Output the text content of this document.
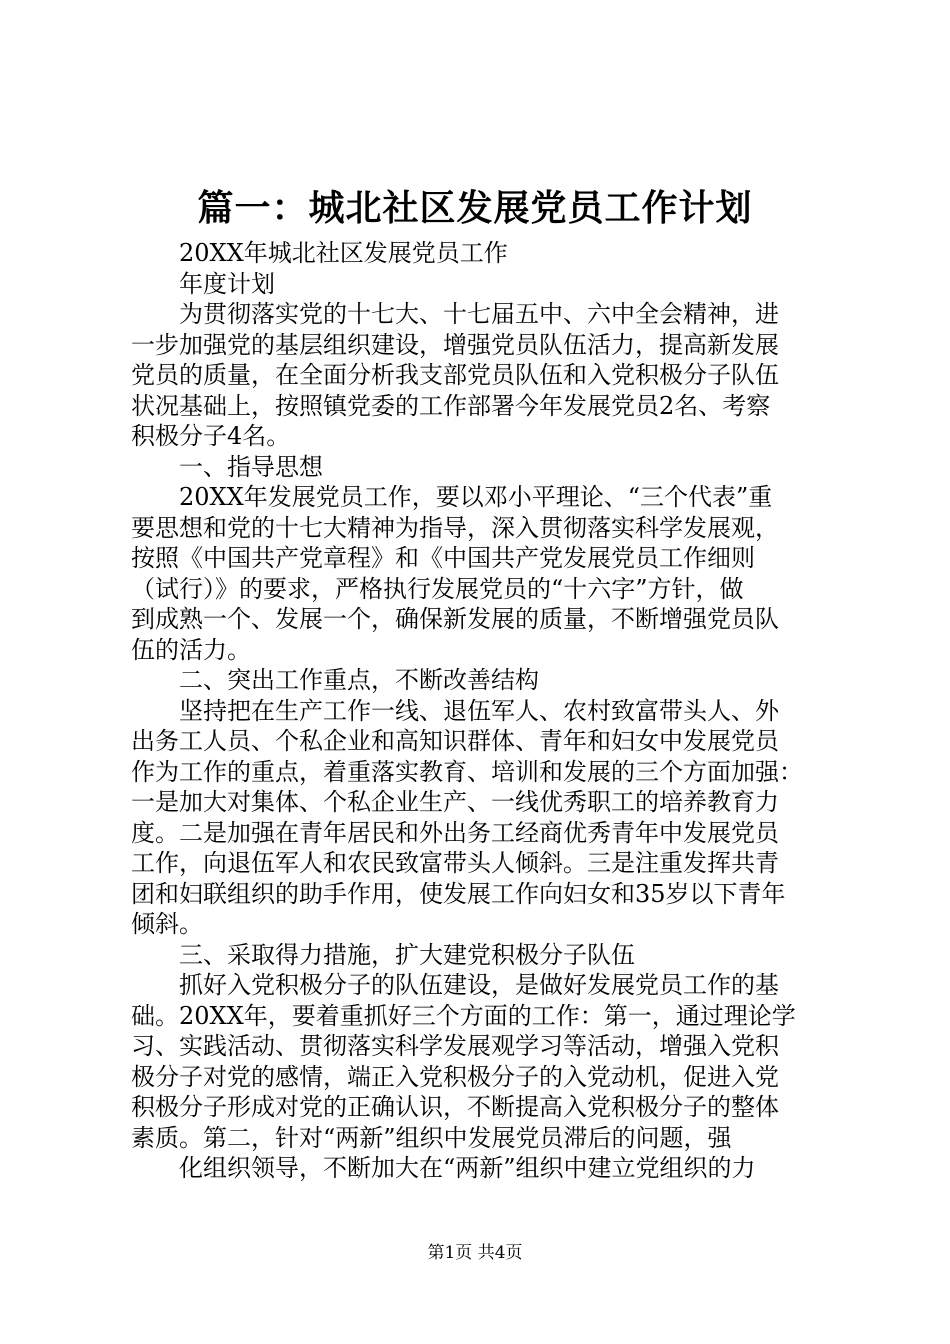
篇一：城北社区发展党员工作计划
20XX年城北社区发展党员工作
年度计划
为贯彻落实党的十七大、十七届五中、六中全会精神，进
一步加强党的基层组织建设，增强党员队伍活力，提高新发展
党员的质量，在全面分析我支部党员队伍和入党积极分子队伍
状况基础上，按照镇党委的工作部署今年发展党员2名、考察
积极分子4名。
一、指导思想
20XX年发展党员工作，要以邓小平理论、“三个代表”重
要思想和党的十七大精神为指导，深入贯彻落实科学发展观，
按照《中国共产党章程》和《中国共产党发展党员工作细则
（试行）》的要求，严格执行发展党员的“十六字”方针，做
到成熟一个、发展一个，确保新发展的质量，不断增强党员队
伍的活力。
二、突出工作重点，不断改善结构
坚持把在生产工作一线、退伍军人、农村致富带头人、外
出务工人员、个私企业和高知识群体、青年和妇女中发展党员
作为工作的重点，着重落实教育、培训和发展的三个方面加强：
一是加大对集体、个私企业生产、一线优秀职工的培养教育力
度。二是加强在青年居民和外出务工经商优秀青年中发展党员
工作，向退伍军人和农民致富带头人倾斜。三是注重发挥共青
团和妇联组织的助手作用，使发展工作向妇女和35岁以下青年
倾斜。
三、采取得力措施，扩大建党积极分子队伍
抓好入党积极分子的队伍建设，是做好发展党员工作的基
础。20XX年，要着重抓好三个方面的工作：第一，通过理论学
习、实践活动、贯彻落实科学发展观学习等活动，增强入党积
极分子对党的感情，端正入党积极分子的入党动机，促进入党
积极分子形成对党的正确认识，不断提高入党积极分子的整体
素质。第二，针对“两新”组织中发展党员滞后的问题，强
化组织领导，不断加大在“两新”组织中建立党组织的力
第1页 共4页
